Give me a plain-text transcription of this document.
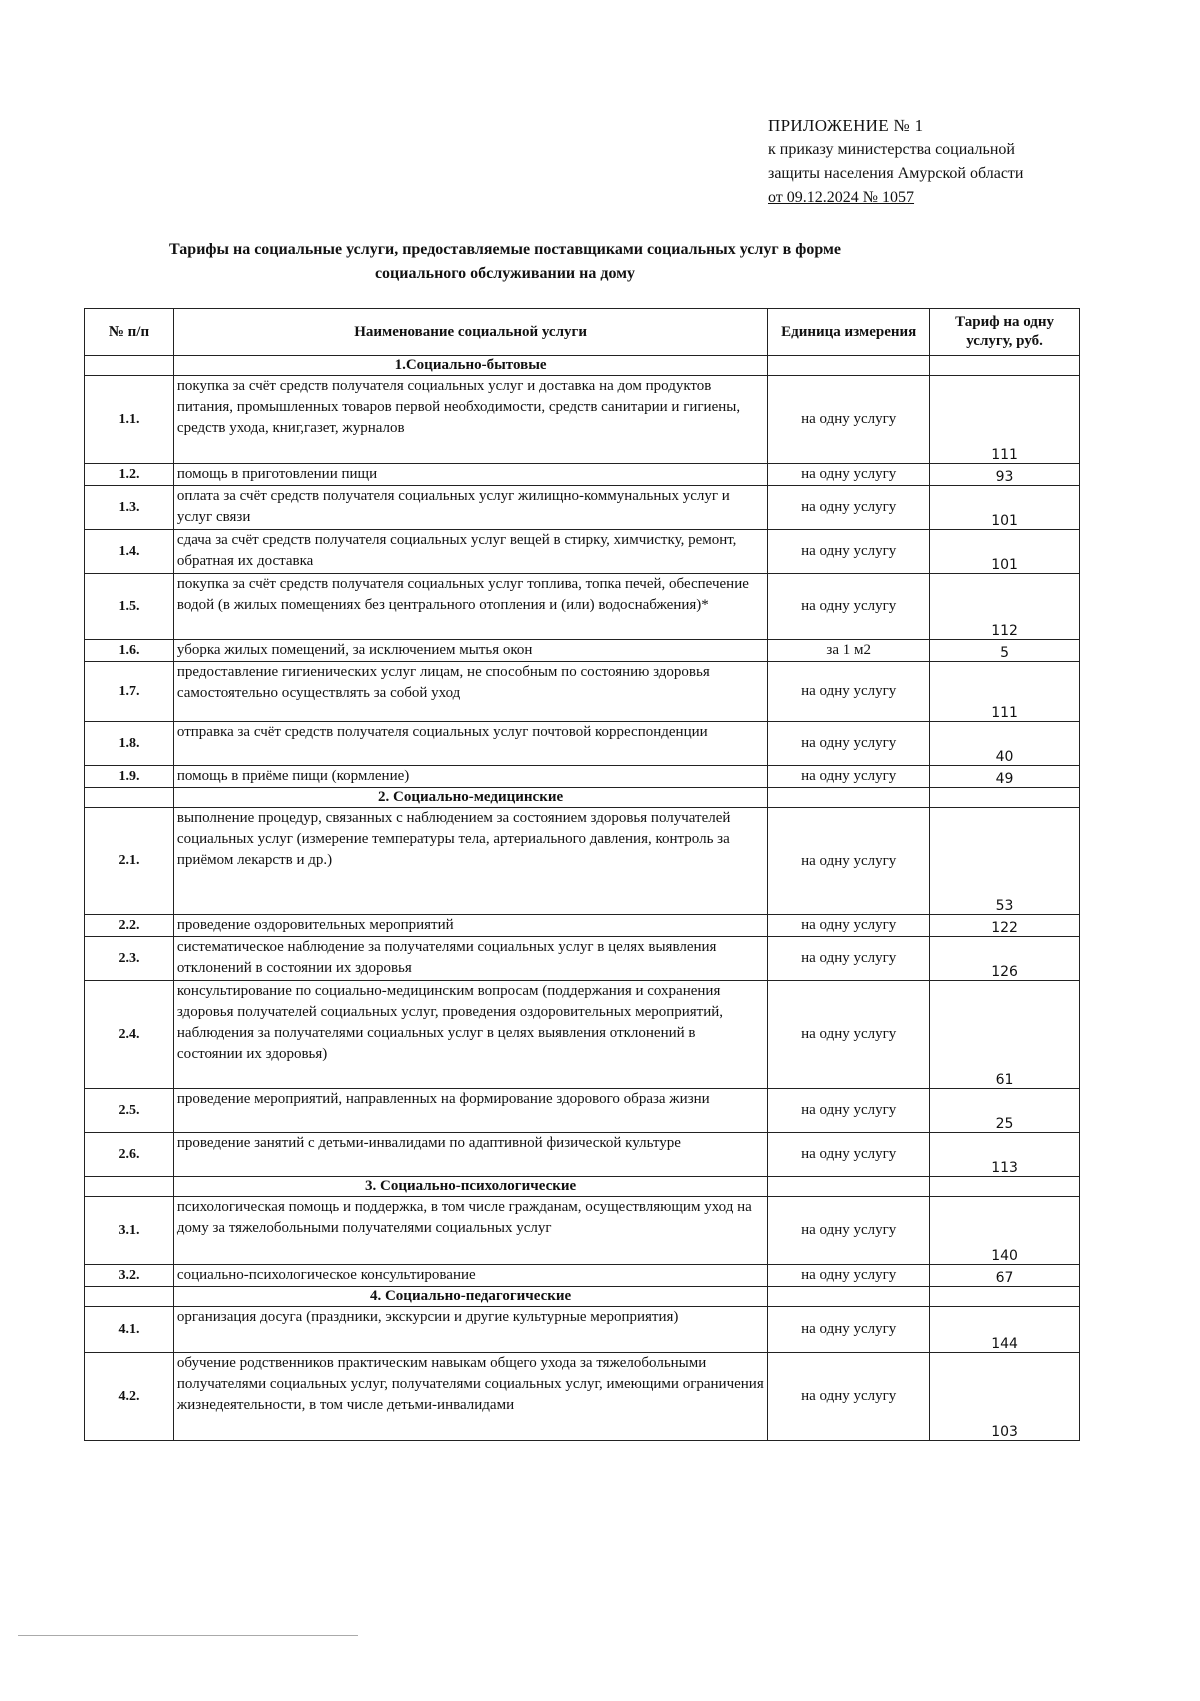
ПРИЛОЖЕНИЕ № 1
к приказу министерства социальной
защиты населения Амурской области
от 09.12.2024 № 1057
Тарифы на социальные услуги, предоставляемые поставщиками социальных услуг в форме
социального обслуживании на дому
№ п/п	Наименование социальной услуги	Единица измерения	Тариф на одну услугу, руб.
	1.Социально-бытовые		
1.1.	покупка за счёт средств получателя социальных услуг и доставка на дом продуктов питания, промышленных товаров первой необходимости, средств санитарии и гигиены, средств ухода, книг,газет, журналов	на одну услугу	111
1.2.	помощь в приготовлении пищи	на одну услугу	93
1.3.	оплата за счёт средств получателя социальных услуг жилищно-коммунальных услуг и услуг связи	на одну услугу	101
1.4.	сдача за счёт средств получателя социальных услуг вещей в стирку, химчистку, ремонт, обратная их доставка	на одну услугу	101
1.5.	покупка за счёт средств получателя социальных услуг топлива, топка печей, обеспечение водой (в жилых помещениях без центрального отопления и (или) водоснабжения)*	на одну услугу	112
1.6.	уборка жилых помещений, за исключением мытья окон	за 1 м2	5
1.7.	предоставление гигиенических услуг лицам, не способным по состоянию здоровья самостоятельно осуществлять за собой уход	на одну услугу	111
1.8.	отправка за счёт средств получателя социальных услуг почтовой корреспонденции	на одну услугу	40
1.9.	помощь в приёме пищи (кормление)	на одну услугу	49
	2. Социально-медицинские		
2.1.	выполнение процедур, связанных с наблюдением за состоянием здоровья получателей социальных услуг (измерение температуры тела, артериального давления, контроль за приёмом лекарств и др.)	на одну услугу	53
2.2.	проведение оздоровительных мероприятий	на одну услугу	122
2.3.	систематическое наблюдение за получателями социальных услуг в целях выявления отклонений в состоянии их здоровья	на одну услугу	126
2.4.	консультирование по социально-медицинским вопросам (поддержания и сохранения здоровья получателей социальных услуг, проведения оздоровительных мероприятий, наблюдения за получателями социальных услуг в целях выявления отклонений в состоянии их здоровья)	на одну услугу	61
2.5.	проведение мероприятий, направленных на формирование здорового образа жизни	на одну услугу	25
2.6.	проведение занятий с детьми-инвалидами по адаптивной физической культуре	на одну услугу	113
	3. Социально-психологические		
3.1.	психологическая помощь и поддержка, в том числе гражданам, осуществляющим уход на дому за тяжелобольными получателями социальных услуг	на одну услугу	140
3.2.	социально-психологическое консультирование	на одну услугу	67
	4. Социально-педагогические		
4.1.	организация досуга (праздники, экскурсии и другие культурные мероприятия)	на одну услугу	144
4.2.	обучение родственников практическим навыкам общего ухода за тяжелобольными получателями социальных услуг, получателями социальных услуг, имеющими ограничения жизнедеятельности, в том числе детьми-инвалидами	на одну услугу	103
